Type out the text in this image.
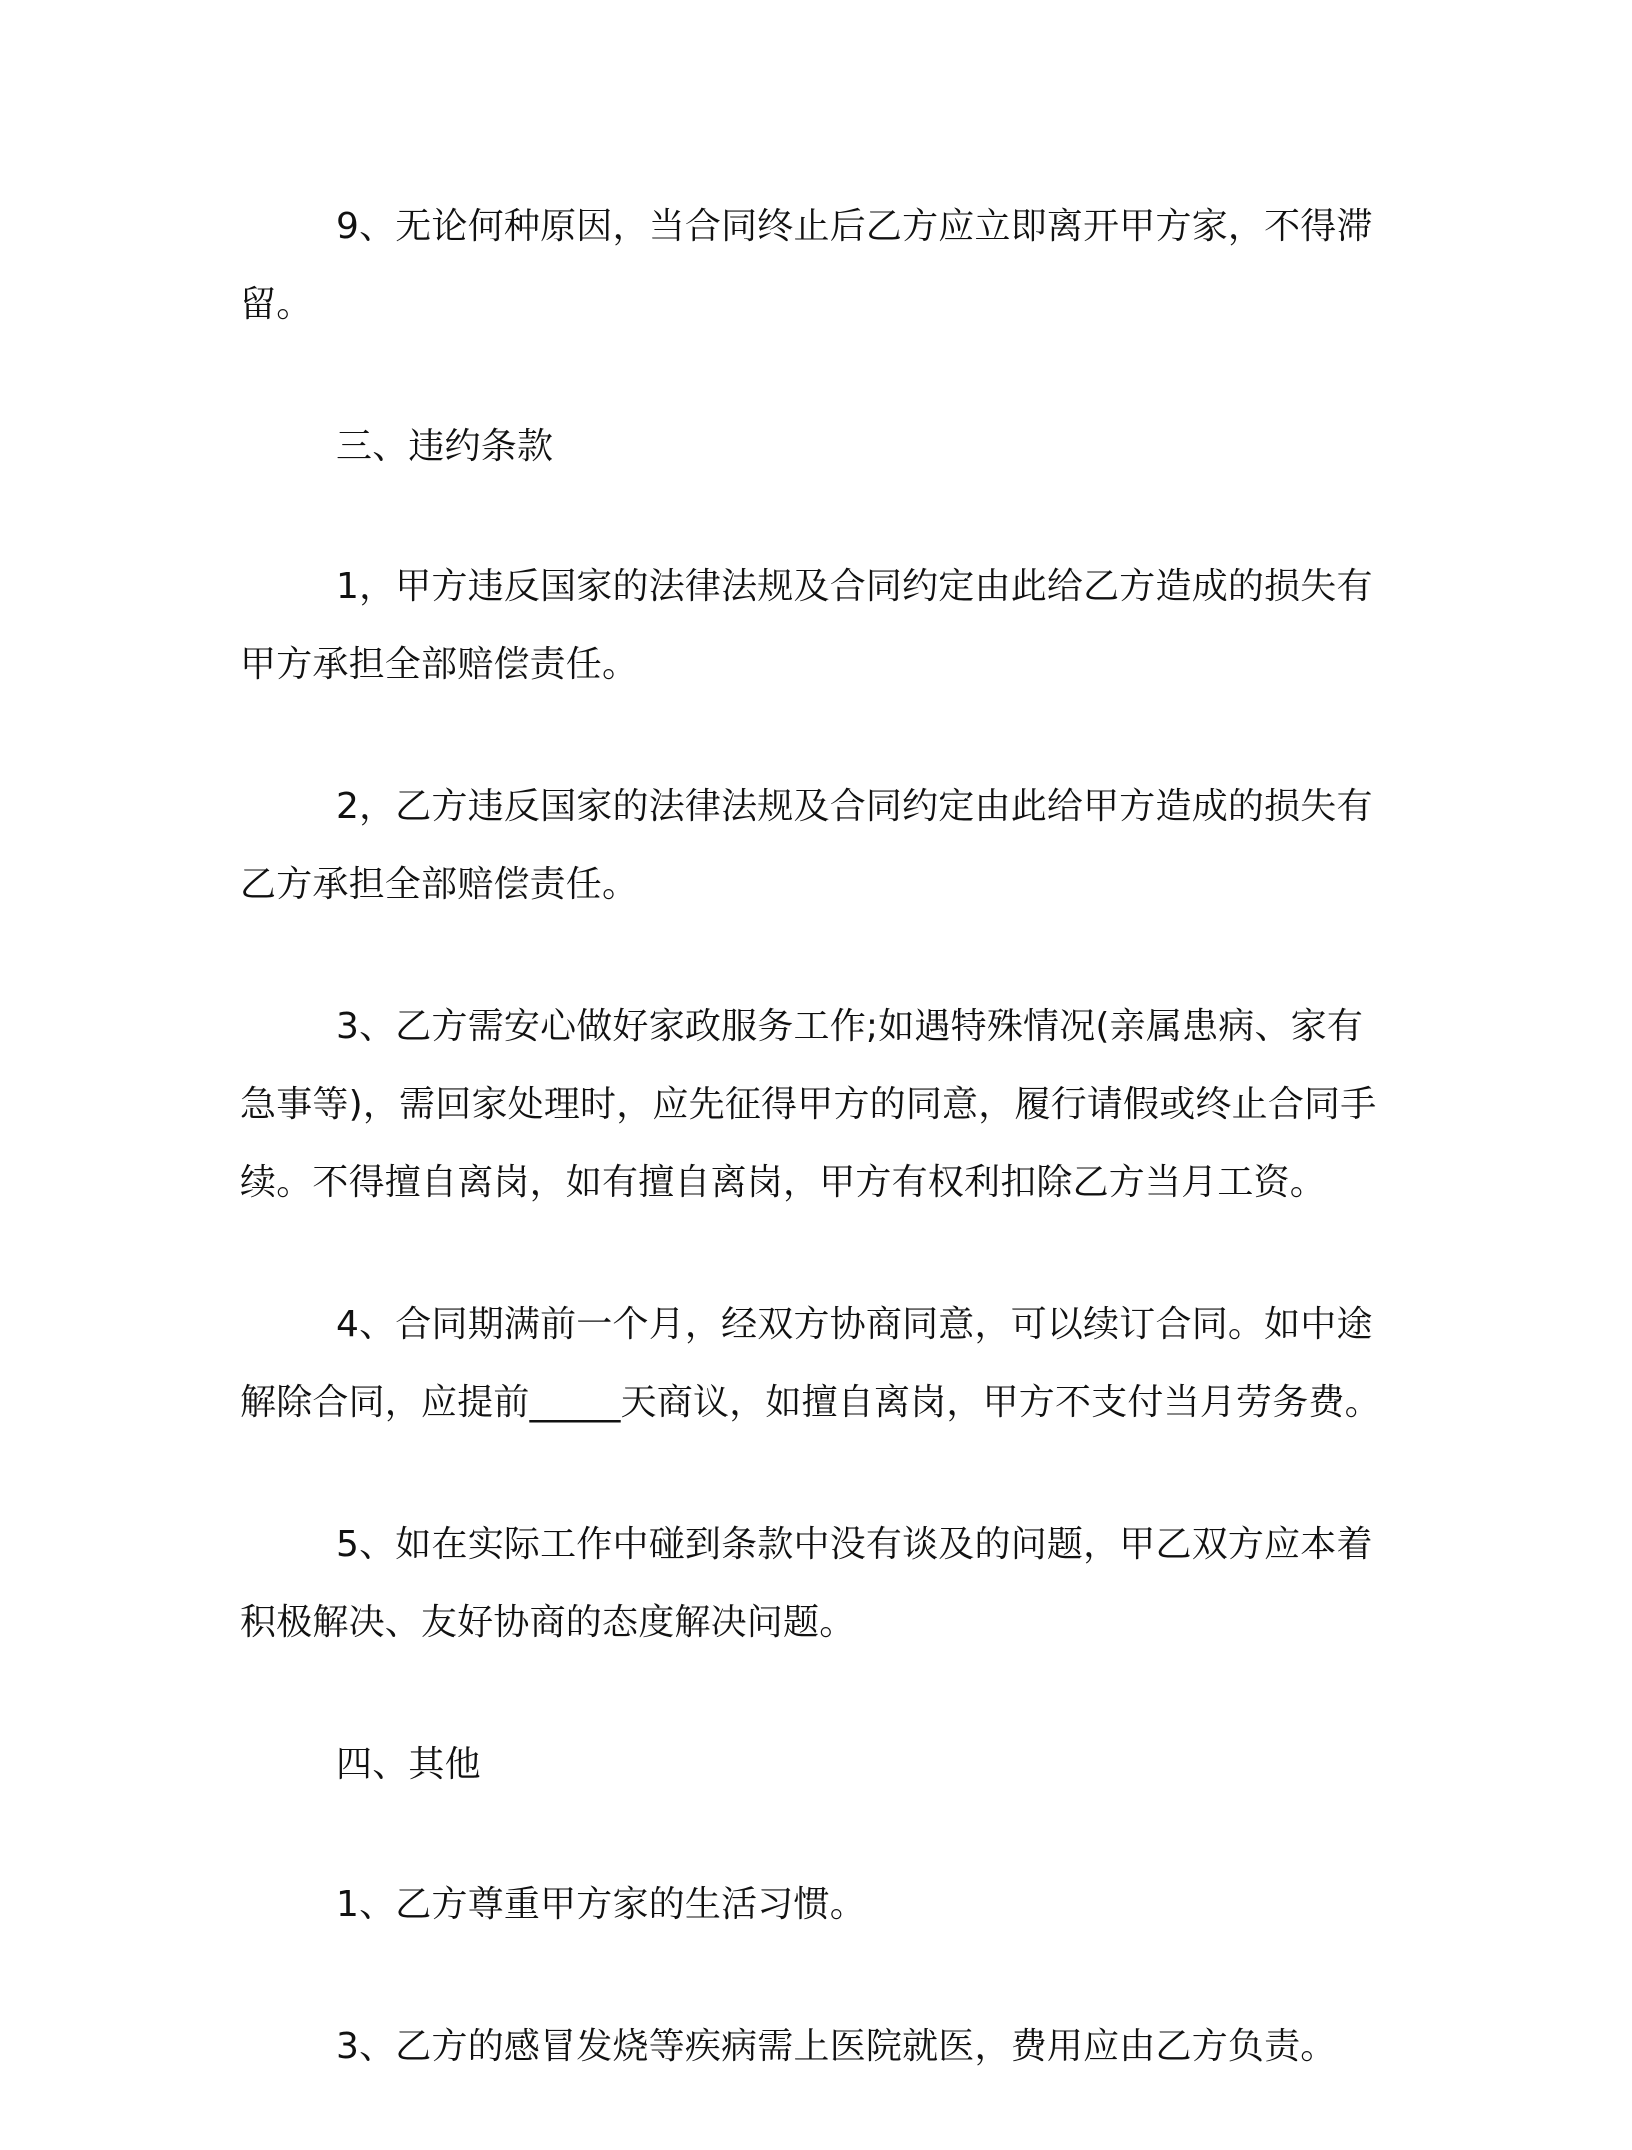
9、无论何种原因，当合同终止后乙方应立即离开甲方家，不得滞留。

三、违约条款

1，甲方违反国家的法律法规及合同约定由此给乙方造成的损失有甲方承担全部赔偿责任。

2，乙方违反国家的法律法规及合同约定由此给甲方造成的损失有乙方承担全部赔偿责任。

3、乙方需安心做好家政服务工作;如遇特殊情况(亲属患病、家有急事等)，需回家处理时，应先征得甲方的同意，履行请假或终止合同手续。不得擅自离岗，如有擅自离岗，甲方有权利扣除乙方当月工资。

4、合同期满前一个月，经双方协商同意，可以续订合同。如中途解除合同，应提前_____天商议，如擅自离岗，甲方不支付当月劳务费。

5、如在实际工作中碰到条款中没有谈及的问题，甲乙双方应本着积极解决、友好协商的态度解决问题。

四、其他

1、乙方尊重甲方家的生活习惯。

3、乙方的感冒发烧等疾病需上医院就医，费用应由乙方负责。
